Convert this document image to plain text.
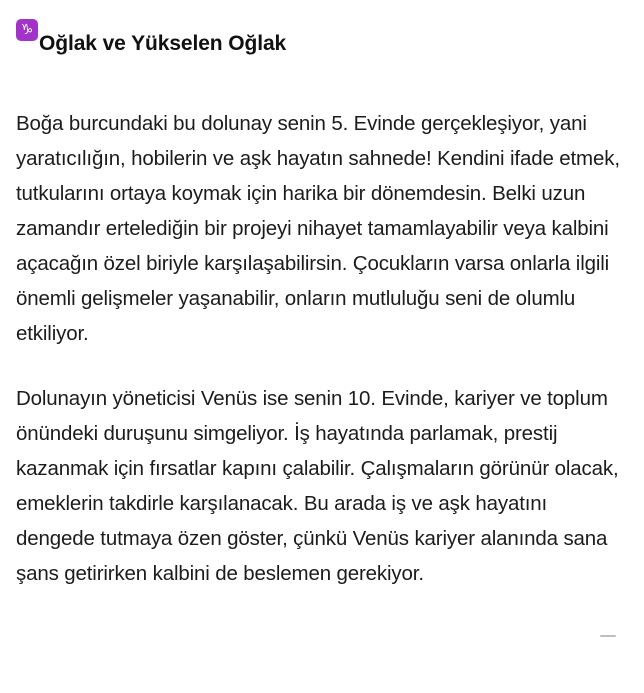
♑
Oğlak ve Yükselen Oğlak

Boğa burcundaki bu dolunay senin 5. Evinde gerçekleşiyor, yani yaratıcılığın, hobilerin ve aşk hayatın sahnede! Kendini ifade etmek, tutkularını ortaya koymak için harika bir dönemdesin. Belki uzun zamandır ertelediğin bir projeyi nihayet tamamlayabilir veya kalbini açacağın özel biriyle karşılaşabilirsin. Çocukların varsa onlarla ilgili önemli gelişmeler yaşanabilir, onların mutluluğu seni de olumlu etkiliyor.

Dolunayın yöneticisi Venüs ise senin 10. Evinde, kariyer ve toplum önündeki duruşunu simgeliyor. İş hayatında parlamak, prestij kazanmak için fırsatlar kapını çalabilir. Çalışmaların görünür olacak, emeklerin takdirle karşılanacak. Bu arada iş ve aşk hayatını dengede tutmaya özen göster, çünkü Venüs kariyer alanında sana şans getirirken kalbini de beslemen gerekiyor.
